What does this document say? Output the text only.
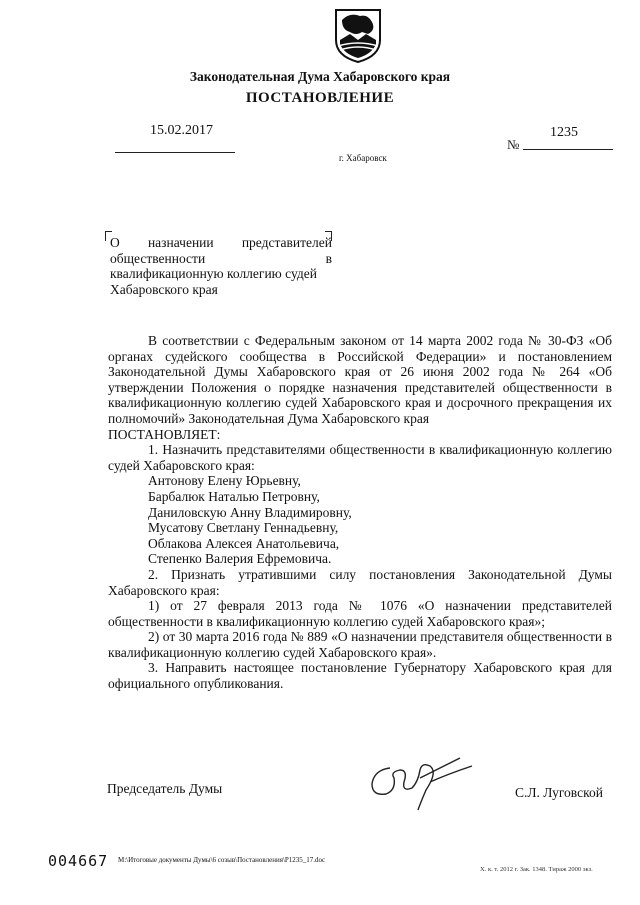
Законодательная Дума Хабаровского края
ПОСТАНОВЛЕНИЕ
15.02.2017
№
1235
г. Хабаровск
О назначении представителей
общественности в
квалификационную коллегию судей
Хабаровского края

В соответствии с Федеральным законом от 14 марта 2002 года № 30-ФЗ «Об органах судейского сообщества в Российской Федерации» и постановлением Законодательной Думы Хабаровского края от 26 июня 2002 года № 264 «Об утверждении Положения о порядке назначения представителей общественности в квалификационную коллегию судей Хабаровского края и досрочного прекращения их полномочий» Законодательная Дума Хабаровского края

ПОСТАНОВЛЯЕТ:

1. Назначить представителями общественности в квалификационную коллегию судей Хабаровского края:

Антонову Елену Юрьевну,

Барбалюк Наталью Петровну,

Даниловскую Анну Владимировну,

Мусатову Светлану Геннадьевну,

Облакова Алексея Анатольевича,

Степенко Валерия Ефремовича.

2. Признать утратившими силу постановления Законодательной Думы Хабаровского края:

1) от 27 февраля 2013 года № 1076 «О назначении представителей общественности в квалификационную коллегию судей Хабаровского края»;

2) от 30 марта 2016 года № 889 «О назначении представителя общественности в квалификационную коллегию судей Хабаровского края».

3. Направить настоящее постановление Губернатору Хабаровского края для официального опубликования.

Председатель Думы	С.Л. Луговской
004667 М:\Итоговые документы Думы\6 созыв\Постановления\P1235_17.doc
Х. к. т. 2012 г. Зак. 1348. Тираж 2000 экз.
